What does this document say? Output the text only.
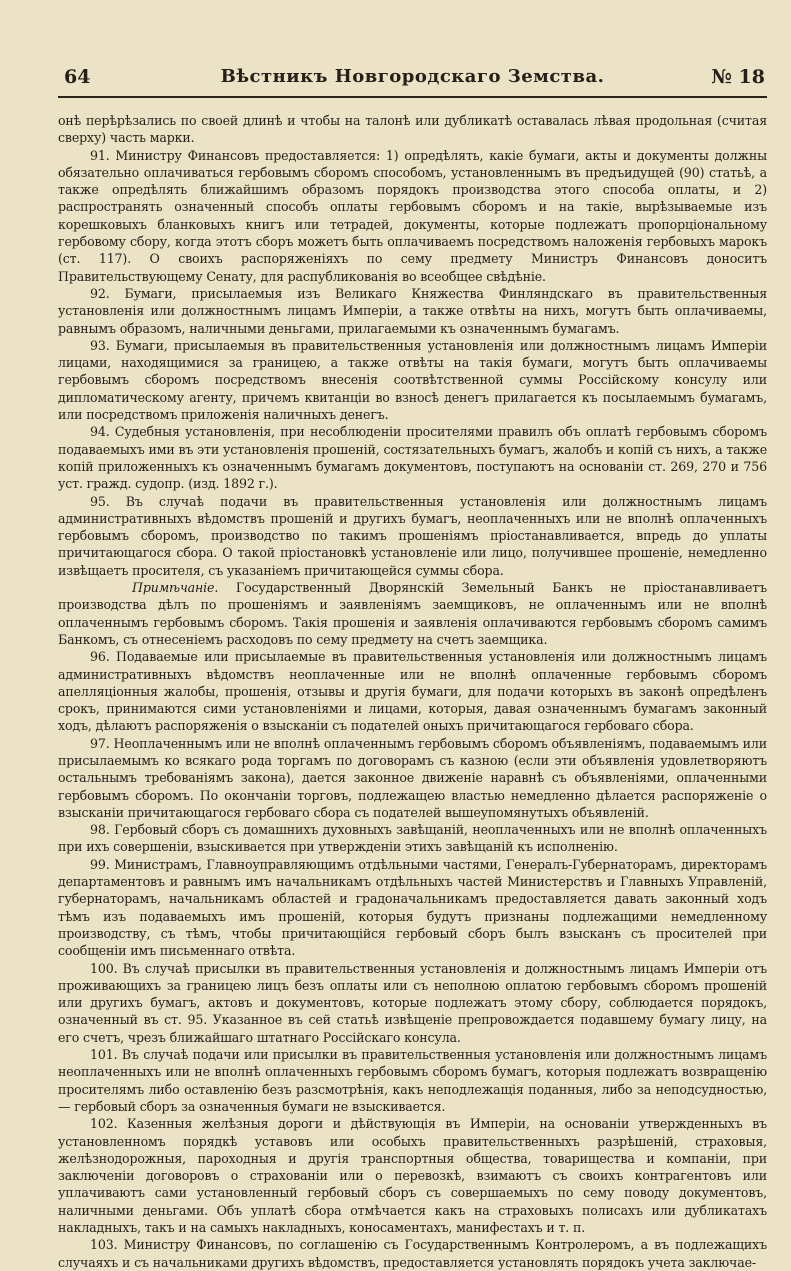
64	Вѣстникъ Новгородскаго Земства.	№ 18

онѣ перѣрѣзались по своей длинѣ и чтобы на талонѣ или дубликатѣ оставалась лѣвая продольная (считая сверху) часть марки.

91. Министру Финансовъ предоставляется: 1) опредѣлять, какiе бумаги, акты и документы должны обязательно оплачиваться гербовымъ сборомъ способомъ, установленнымъ въ предъидущей (90) статьѣ, а также опредѣлять ближайшимъ образомъ порядокъ производства этого способа оплаты, и 2) распространять означенный способъ оплаты гербовымъ сборомъ и на такiе, вырѣзываемые изъ корешковыхъ бланковыхъ книгъ или тетрадей, документы, которые подлежатъ пропорцiональному гербовому сбору, когда этотъ сборъ можетъ быть оплачиваемъ посредствомъ наложенiя гербовыхъ марокъ (ст. 117). О своихъ распоряженiяхъ по сему предмету Министръ Финансовъ доноситъ Правительствующему Сенату, для распубликованiя во всеобщее свѣдѣнiе.

92. Бумаги, присылаемыя изъ Великаго Княжества Финляндскаго въ правительственныя установленiя или должностнымъ лицамъ Имперiи, а также отвѣты на нихъ, могутъ быть оплачиваемы, равнымъ образомъ, наличными деньгами, прилагаемыми къ означеннымъ бумагамъ.

93. Бумаги, присылаемыя въ правительственныя установленiя или должностнымъ лицамъ Имперiи лицами, находящимися за границею, а также отвѣты на такiя бумаги, могутъ быть оплачиваемы гербовымъ сборомъ посредствомъ внесенiя соотвѣтственной суммы Россiйскому консулу или дипломатическому агенту, причемъ квитанцiи во взносѣ денегъ прилагается къ посылаемымъ бумагамъ, или посредствомъ приложенiя наличныхъ денегъ.

94. Судебныя установленiя, при несоблюденiи просителями правилъ объ оплатѣ гербовымъ сборомъ подаваемыхъ ими въ эти установленiя прошенiй, состязательныхъ бумагъ, жалобъ и копiй съ нихъ, а также копiй приложенныхъ къ означеннымъ бумагамъ документовъ, поступаютъ на основанiи ст. 269, 270 и 756 уст. гражд. судопр. (изд. 1892 г.).

95. Въ случаѣ подачи въ правительственныя установленiя или должностнымъ лицамъ административныхъ вѣдомствъ прошенiй и другихъ бумагъ, неоплаченныхъ или не вполнѣ оплаченныхъ гербовымъ сборомъ, производство по такимъ прошенiямъ прiостанавливается, впредь до уплаты причитающагося сбора. О такой прiостановкѣ установленiе или лицо, получившее прошенiе, немедленно извѣщаетъ просителя, съ указанiемъ причитающейся суммы сбора.

Примѣчанiе. Государственный Дворянскiй Земельный Банкъ не прiостанавливаетъ производства дѣлъ по прошенiямъ и заявленiямъ заемщиковъ, не оплаченнымъ или не вполнѣ оплаченнымъ гербовымъ сборомъ. Такiя прошенiя и заявленiя оплачиваются гербовымъ сборомъ самимъ Банкомъ, съ отнесенiемъ расходовъ по сему предмету на счетъ заемщика.

96. Подаваемые или присылаемые въ правительственныя установленiя или должностнымъ лицамъ административныхъ вѣдомствъ неоплаченные или не вполнѣ оплаченные гербовымъ сборомъ апелляцiонныя жалобы, прошенiя, отзывы и другiя бумаги, для подачи которыхъ въ законѣ опредѣленъ срокъ, принимаются сими установленiями и лицами, которыя, давая означеннымъ бумагамъ законный ходъ, дѣлаютъ распоряженiя о взысканiи съ подателей оныхъ причитающагося гербоваго сбора.

97. Неоплаченнымъ или не вполнѣ оплаченнымъ гербовымъ сборомъ объявленiямъ, подаваемымъ или присылаемымъ ко всякаго рода торгамъ по договорамъ съ казною (если эти объявленiя удовлетворяютъ остальнымъ требованiямъ закона), дается законное движенiе наравнѣ съ объявленiями, оплаченными гербовымъ сборомъ. По окончанiи торговъ, подлежащею властью немедленно дѣлается распоряженiе о взысканiи причитающагося гербоваго сбора съ подателей вышеупомянутыхъ объявленiй.

98. Гербовый сборъ съ домашнихъ духовныхъ завѣщанiй, неоплаченныхъ или не вполнѣ оплаченныхъ при ихъ совершенiи, взыскивается при утвержденiи этихъ завѣщанiй къ исполненiю.

99. Министрамъ, Главноуправляющимъ отдѣльными частями, Генералъ-Губернаторамъ, директорамъ департаментовъ и равнымъ имъ начальникамъ отдѣльныхъ частей Министерствъ и Главныхъ Управленiй, губернаторамъ, начальникамъ областей и градоначальникамъ предоставляется давать законный ходъ тѣмъ изъ подаваемыхъ имъ прошенiй, которыя будутъ признаны подлежащими немедленному производству, съ тѣмъ, чтобы причитающiйся гербовый сборъ былъ взысканъ съ просителей при сообщенiи имъ письменнаго отвѣта.

100. Въ случаѣ присылки въ правительственныя установленiя и должностнымъ лицамъ Имперiи отъ проживающихъ за границею лицъ безъ оплаты или съ неполною оплатою гербовымъ сборомъ прошенiй или другихъ бумагъ, актовъ и документовъ, которые подлежатъ этому сбору, соблюдается порядокъ, означенный въ ст. 95. Указанное въ сей статьѣ извѣщенiе препровождается подавшему бумагу лицу, на его счетъ, чрезъ ближайшаго штатнаго Россiйскаго консула.

101. Въ случаѣ подачи или присылки въ правительственныя установленiя или должностнымъ лицамъ неоплаченныхъ или не вполнѣ оплаченныхъ гербовымъ сборомъ бумагъ, которыя подлежатъ возвращенiю просителямъ либо оставленiю безъ разсмотрѣнiя, какъ неподлежащiя поданныя, либо за неподсудностью,— гербовый сборъ за означенныя бумаги не взыскивается.

102. Казенныя желѣзныя дороги и дѣйствующiя въ Имперiи, на основанiи утвержденныхъ въ установленномъ порядкѣ уставовъ или особыхъ правительственныхъ разрѣшенiй, страховыя, желѣзнодорожныя, пароходныя и другiя транспортныя общества, товарищества и компанiи, при заключенiи договоровъ о страхованiи или о перевозкѣ, взимаютъ съ своихъ контрагентовъ или уплачиваютъ сами установленный гербовый сборъ съ совершаемыхъ по сему поводу документовъ, наличными деньгами. Объ уплатѣ сбора отмѣчается какъ на страховыхъ полисахъ или дубликатахъ накладныхъ, такъ и на самыхъ накладныхъ, коносаментахъ, манифестахъ и т. п.

103. Министру Финансовъ, по соглашенiю съ Государственнымъ Контролеромъ, а въ подлежащихъ случаяхъ и съ начальниками другихъ вѣдомствъ, предоставляется установлять порядокъ учета заключае-
